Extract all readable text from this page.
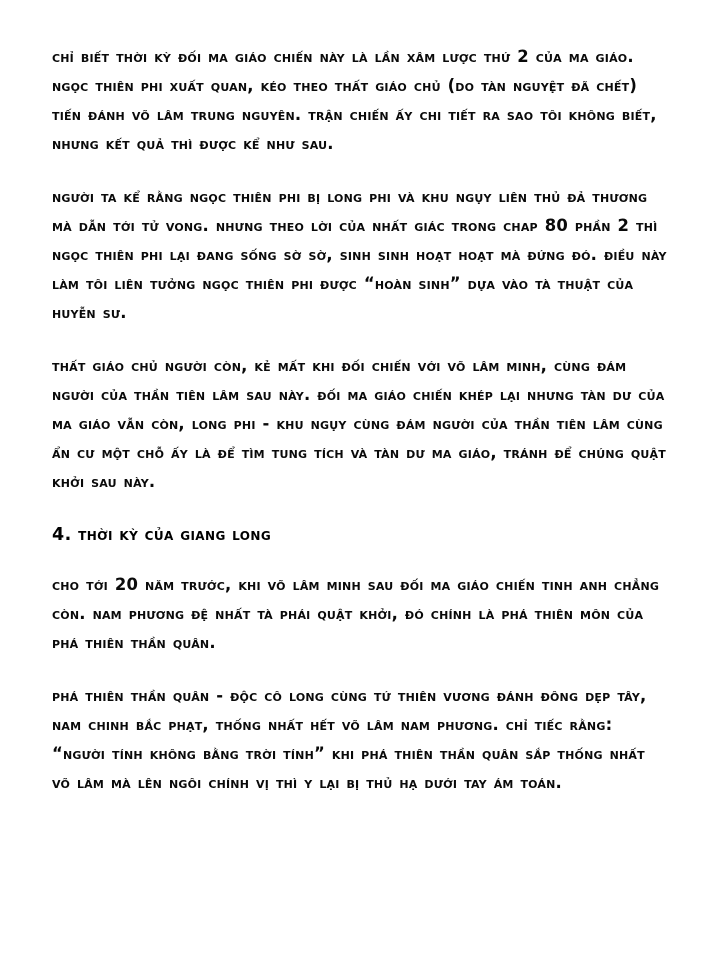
chỉ biết thời kỳ đối ma giáo chiến này là lần xâm lược thứ 2 của ma giáo. ngọc thiên phi xuất quan, kéo theo thất giáo chủ (do tàn nguyệt đã chết) tiến đánh võ lâm trung nguyên. trận chiến ấy chi tiết ra sao tôi không biết, nhưng kết quả thì được kể như sau.

người ta kể rằng ngọc thiên phi bị long phi và khu ngụy liên thủ đả thương mà dẫn tới tử vong. nhưng theo lời của nhất giác trong chap 80 phần 2 thì ngọc thiên phi lại đang sống sờ sờ, sinh sinh hoạt hoạt mà đứng đó. điều này làm tôi liên tưởng ngọc thiên phi được “hoàn sinh” dựa vào tà thuật của huyễn sư.

thất giáo chủ người còn, kẻ mất khi đối chiến với võ lâm minh, cùng đám người của thần tiên lâm sau này. đối ma giáo chiến khép lại nhưng tàn dư của ma giáo vẫn còn, long phi - khu ngụy cùng đám người của thần tiên lâm cùng ẩn cư một chỗ ấy là để tìm tung tích và tàn dư ma giáo, tránh để chúng quật khởi sau này.

4. thời kỳ của giang long

cho tới 20 năm trước, khi võ lâm minh sau đối ma giáo chiến tinh anh chẳng còn. nam phương đệ nhất tà phái quật khởi, đó chính là phá thiên môn của phá thiên thần quân.

phá thiên thần quân - độc cô long cùng tứ thiên vương đánh đông dẹp tây, nam chinh bắc phạt, thống nhất hết võ lâm nam phương. chỉ tiếc rằng: “người tính không bằng trời tính” khi phá thiên thần quân sắp thống nhất võ lâm mà lên ngôi chính vị thì y lại bị thủ hạ dưới tay ám toán.
